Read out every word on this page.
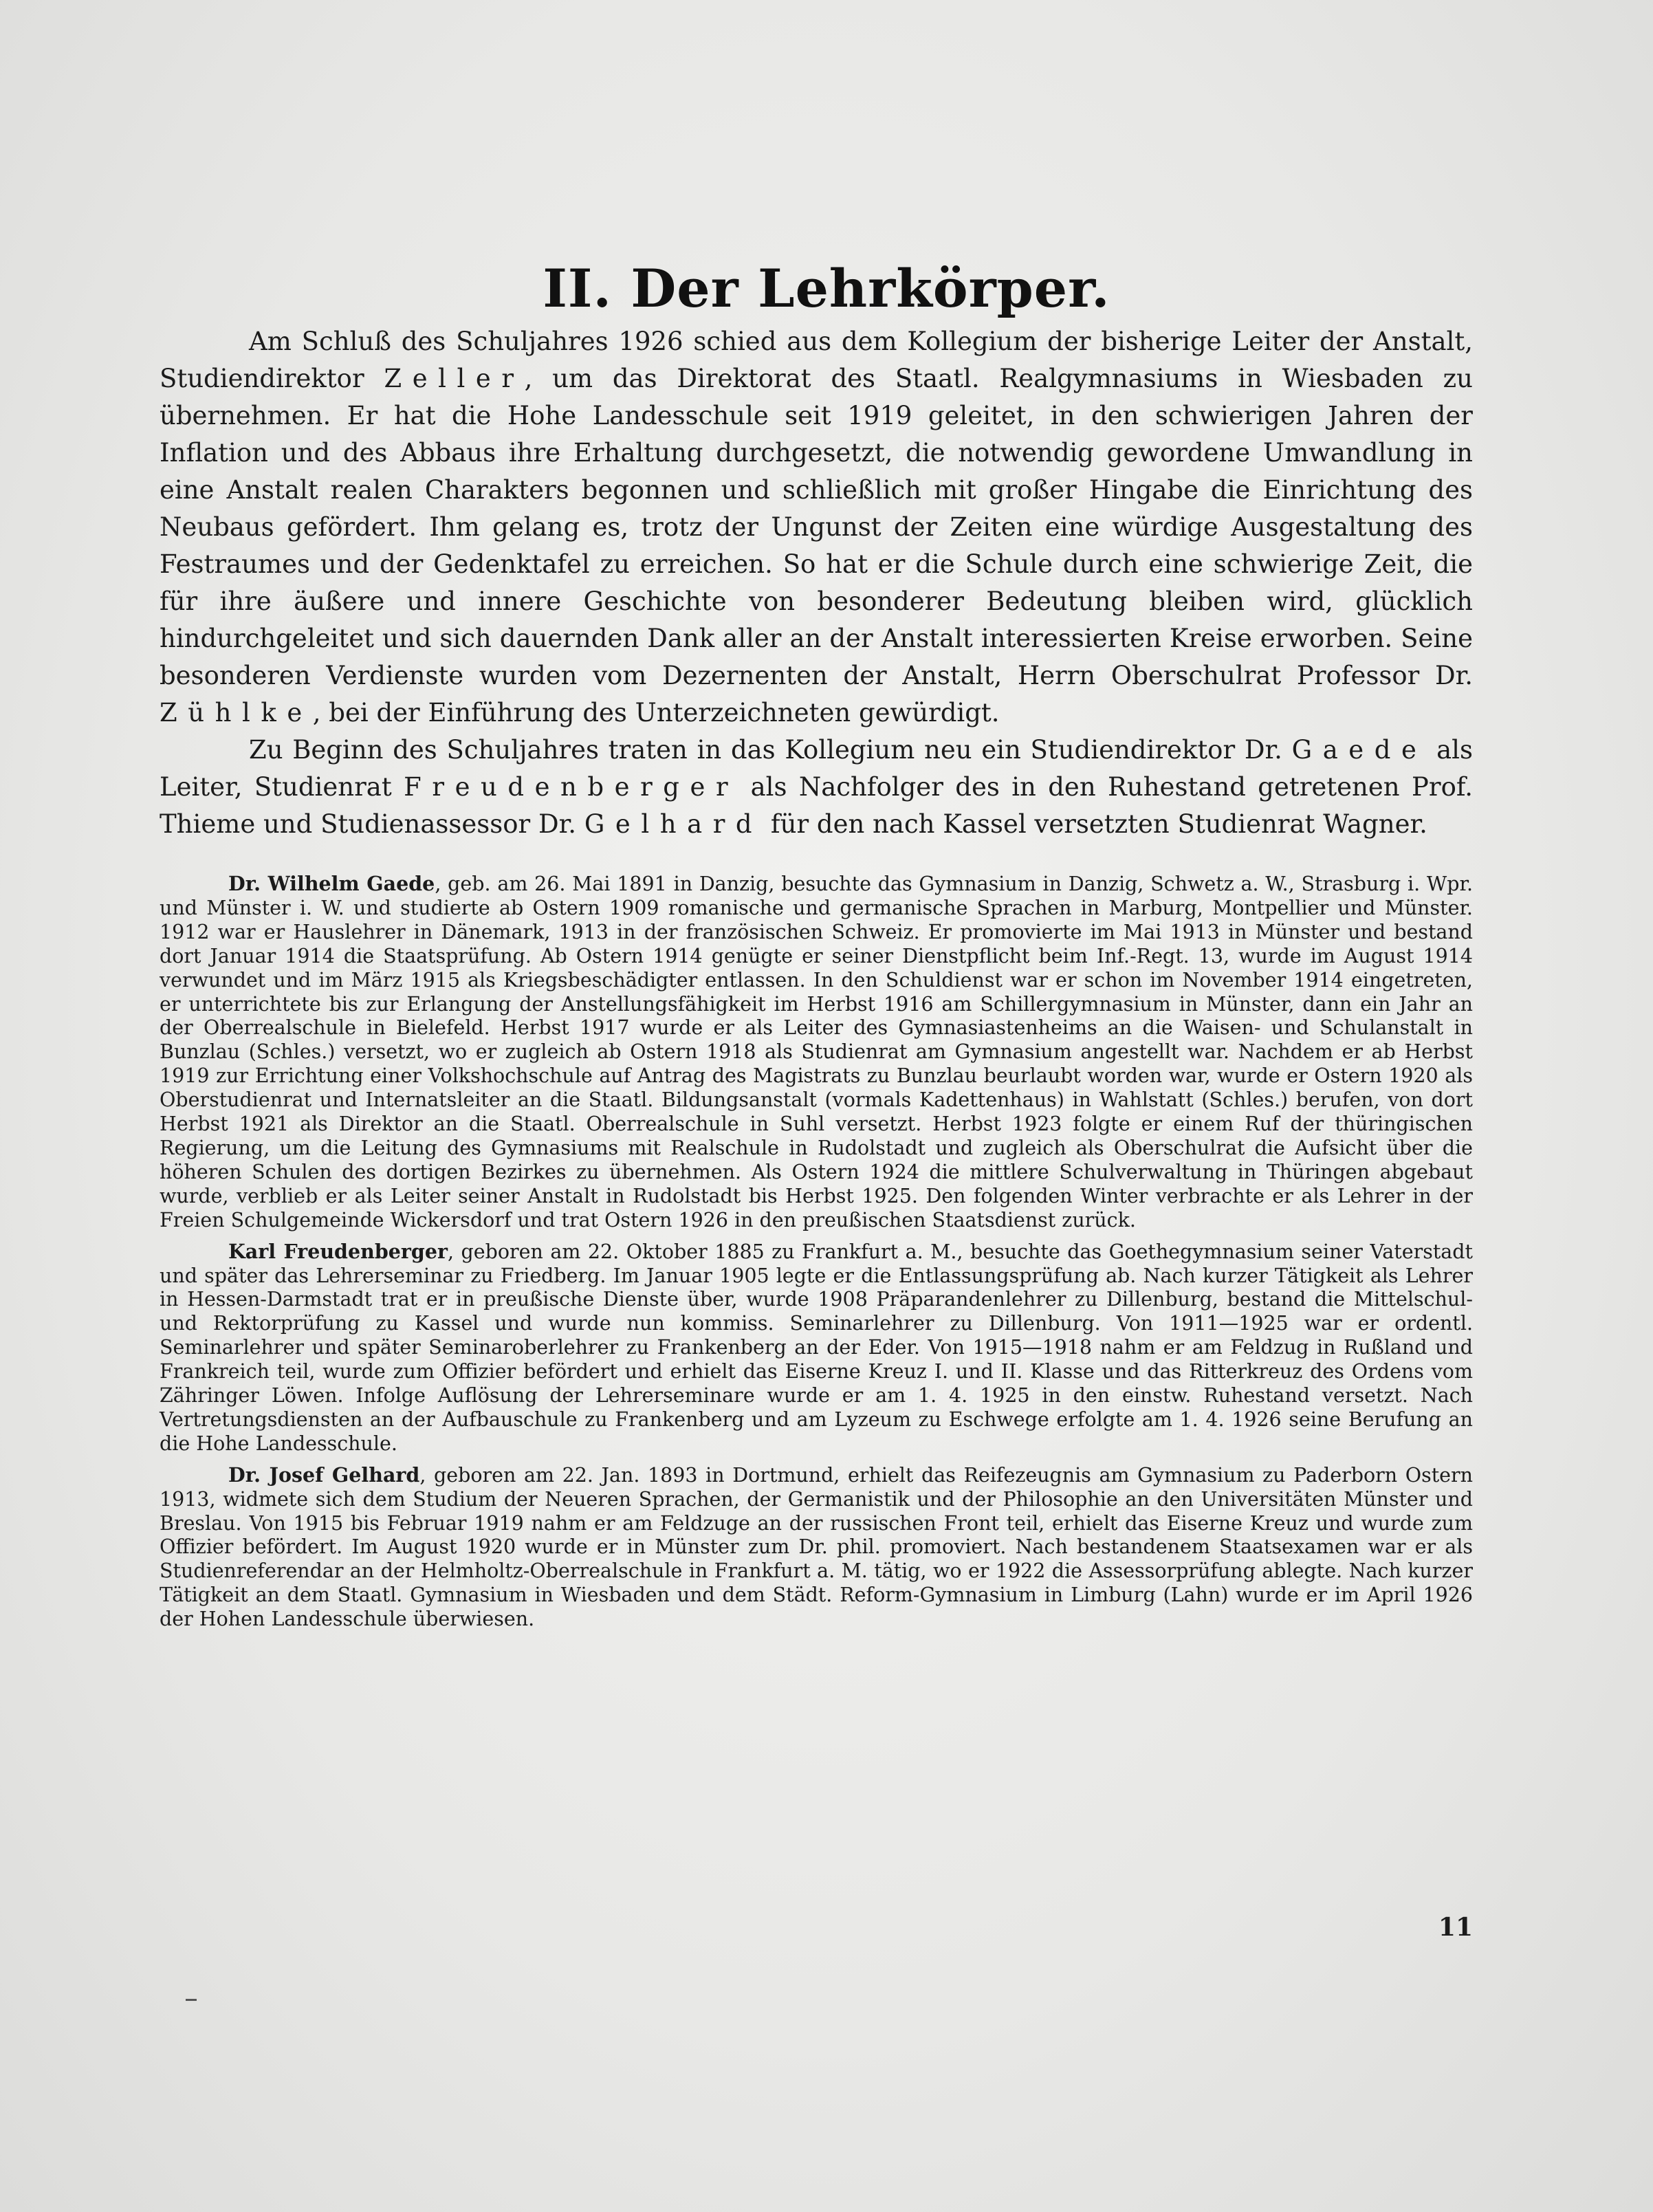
II. Der Lehrkörper.

Am Schluß des Schuljahres 1926 schied aus dem Kollegium der bisherige Leiter der Anstalt, Studiendirektor Zeller, um das Direktorat des Staatl. Realgymnasiums in Wiesbaden zu übernehmen. Er hat die Hohe Landesschule seit 1919 geleitet, in den schwierigen Jahren der Inflation und des Abbaus ihre Erhaltung durchgesetzt, die notwendig gewordene Umwandlung in eine Anstalt realen Charakters begonnen und schließlich mit großer Hingabe die Einrichtung des Neubaus gefördert. Ihm gelang es, trotz der Ungunst der Zeiten eine würdige Ausgestaltung des Festraumes und der Gedenktafel zu erreichen. So hat er die Schule durch eine schwierige Zeit, die für ihre äußere und innere Geschichte von besonderer Bedeutung bleiben wird, glücklich hindurchgeleitet und sich dauernden Dank aller an der Anstalt interessierten Kreise erworben. Seine besonderen Verdienste wurden vom Dezernenten der Anstalt, Herrn Oberschulrat Professor Dr. Zühlke, bei der Einführung des Unterzeichneten gewürdigt.

Zu Beginn des Schuljahres traten in das Kollegium neu ein Studiendirektor Dr. Gaede als Leiter, Studienrat Freudenberger als Nachfolger des in den Ruhestand getretenen Prof. Thieme und Studienassessor Dr. Gelhard für den nach Kassel versetzten Studienrat Wagner.

Dr. Wilhelm Gaede, geb. am 26. Mai 1891 in Danzig, besuchte das Gymnasium in Danzig, Schwetz a. W., Strasburg i. Wpr. und Münster i. W. und studierte ab Ostern 1909 romanische und germanische Sprachen in Marburg, Montpellier und Münster. 1912 war er Hauslehrer in Dänemark, 1913 in der französischen Schweiz. Er promovierte im Mai 1913 in Münster und bestand dort Januar 1914 die Staatsprüfung. Ab Ostern 1914 genügte er seiner Dienstpflicht beim Inf.-Regt. 13, wurde im August 1914 verwundet und im März 1915 als Kriegsbeschädigter entlassen. In den Schuldienst war er schon im November 1914 eingetreten, er unterrichtete bis zur Erlangung der Anstellungsfähigkeit im Herbst 1916 am Schillergymnasium in Münster, dann ein Jahr an der Oberrealschule in Bielefeld. Herbst 1917 wurde er als Leiter des Gymnasiastenheims an die Waisen- und Schulanstalt in Bunzlau (Schles.) versetzt, wo er zugleich ab Ostern 1918 als Studienrat am Gymnasium angestellt war. Nachdem er ab Herbst 1919 zur Errichtung einer Volkshochschule auf Antrag des Magistrats zu Bunzlau beurlaubt worden war, wurde er Ostern 1920 als Oberstudienrat und Internatsleiter an die Staatl. Bildungsanstalt (vormals Kadettenhaus) in Wahlstatt (Schles.) berufen, von dort Herbst 1921 als Direktor an die Staatl. Oberrealschule in Suhl versetzt. Herbst 1923 folgte er einem Ruf der thüringischen Regierung, um die Leitung des Gymnasiums mit Realschule in Rudolstadt und zugleich als Oberschulrat die Aufsicht über die höheren Schulen des dortigen Bezirkes zu übernehmen. Als Ostern 1924 die mittlere Schulverwaltung in Thüringen abgebaut wurde, verblieb er als Leiter seiner Anstalt in Rudolstadt bis Herbst 1925. Den folgenden Winter verbrachte er als Lehrer in der Freien Schulgemeinde Wickersdorf und trat Ostern 1926 in den preußischen Staatsdienst zurück.

Karl Freudenberger, geboren am 22. Oktober 1885 zu Frankfurt a. M., besuchte das Goethegymnasium seiner Vaterstadt und später das Lehrerseminar zu Friedberg. Im Januar 1905 legte er die Entlassungsprüfung ab. Nach kurzer Tätigkeit als Lehrer in Hessen-Darmstadt trat er in preußische Dienste über, wurde 1908 Präparandenlehrer zu Dillenburg, bestand die Mittelschul- und Rektorprüfung zu Kassel und wurde nun kommiss. Seminarlehrer zu Dillenburg. Von 1911—1925 war er ordentl. Seminarlehrer und später Seminaroberlehrer zu Frankenberg an der Eder. Von 1915—1918 nahm er am Feldzug in Rußland und Frankreich teil, wurde zum Offizier befördert und erhielt das Eiserne Kreuz I. und II. Klasse und das Ritterkreuz des Ordens vom Zähringer Löwen. Infolge Auflösung der Lehrerseminare wurde er am 1. 4. 1925 in den einstw. Ruhestand versetzt. Nach Vertretungsdiensten an der Aufbauschule zu Frankenberg und am Lyzeum zu Eschwege erfolgte am 1. 4. 1926 seine Berufung an die Hohe Landesschule.

Dr. Josef Gelhard, geboren am 22. Jan. 1893 in Dortmund, erhielt das Reifezeugnis am Gymnasium zu Paderborn Ostern 1913, widmete sich dem Studium der Neueren Sprachen, der Germanistik und der Philosophie an den Universitäten Münster und Breslau. Von 1915 bis Februar 1919 nahm er am Feldzuge an der russischen Front teil, erhielt das Eiserne Kreuz und wurde zum Offizier befördert. Im August 1920 wurde er in Münster zum Dr. phil. promoviert. Nach bestandenem Staatsexamen war er als Studienreferendar an der Helmholtz-Oberrealschule in Frankfurt a. M. tätig, wo er 1922 die Assessorprüfung ablegte. Nach kurzer Tätigkeit an dem Staatl. Gymnasium in Wiesbaden und dem Städt. Reform-Gymnasium in Limburg (Lahn) wurde er im April 1926 der Hohen Landesschule überwiesen.

11
